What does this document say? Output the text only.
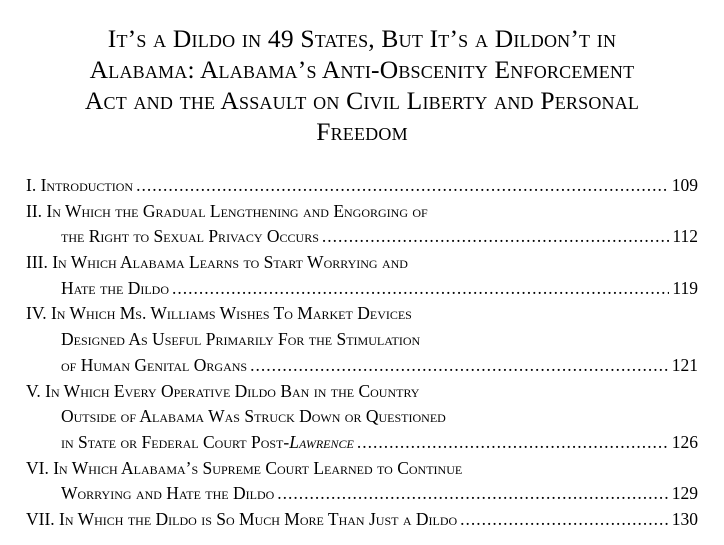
It’s a Dildo in 49 States, But It’s a Dildon’t in
Alabama: Alabama’s Anti-Obscenity Enforcement
Act and the Assault on Civil Liberty and Personal
Freedom
I. Introduction .....	109
II. In Which the Gradual Lengthening and Engorging of
the Right to Sexual Privacy Occurs .....	112
III. In Which Alabama Learns to Start Worrying and
Hate the Dildo .....	119
IV. In Which Ms. Williams Wishes To Market Devices
Designed As Useful Primarily For the Stimulation
of Human Genital Organs .....	121
V. In Which Every Operative Dildo Ban in the Country
Outside of Alabama Was Struck Down or Questioned
in State or Federal Court Post-Lawrence .....	126
VI. In Which Alabama’s Supreme Court Learned to Continue
Worrying and Hate the Dildo .....	129
VII. In Which the Dildo is So Much More Than Just a Dildo .....	130
